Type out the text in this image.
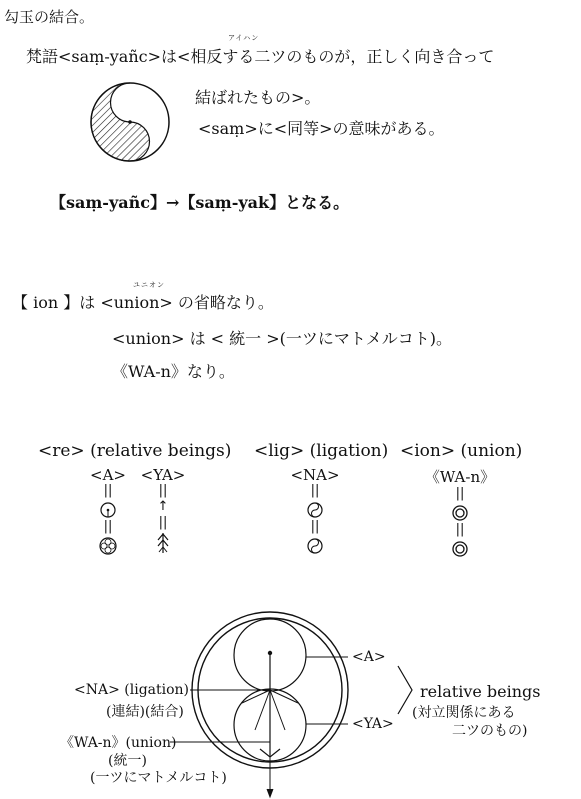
勾玉の結合。
アイハン
梵語<saṃ-yañc>は<相反する二ツのものが，正しく向き合って
結ばれたもの>。
<saṃ>に<同等>の意味がある。
【saṃ-yañc】→【saṃ-yak】となる。
ユニオン
【 ion 】は <union> の省略なり。
<union> は < 統一 >(一ツにマトメルコト)。
《WA-n》なり。
<re> (relative beings) <lig> (ligation) <ion> (union)
<A>
||
||
<YA>
||
↑
||
<NA>
||
||
《WA-n》
||
||
<A>
<YA>
<NA> (ligation)
(連結)(結合)
《WA-n》(union)
(統一)
(一ツにマトメルコト)
relative beings
(対立関係にある
二ツのもの)
